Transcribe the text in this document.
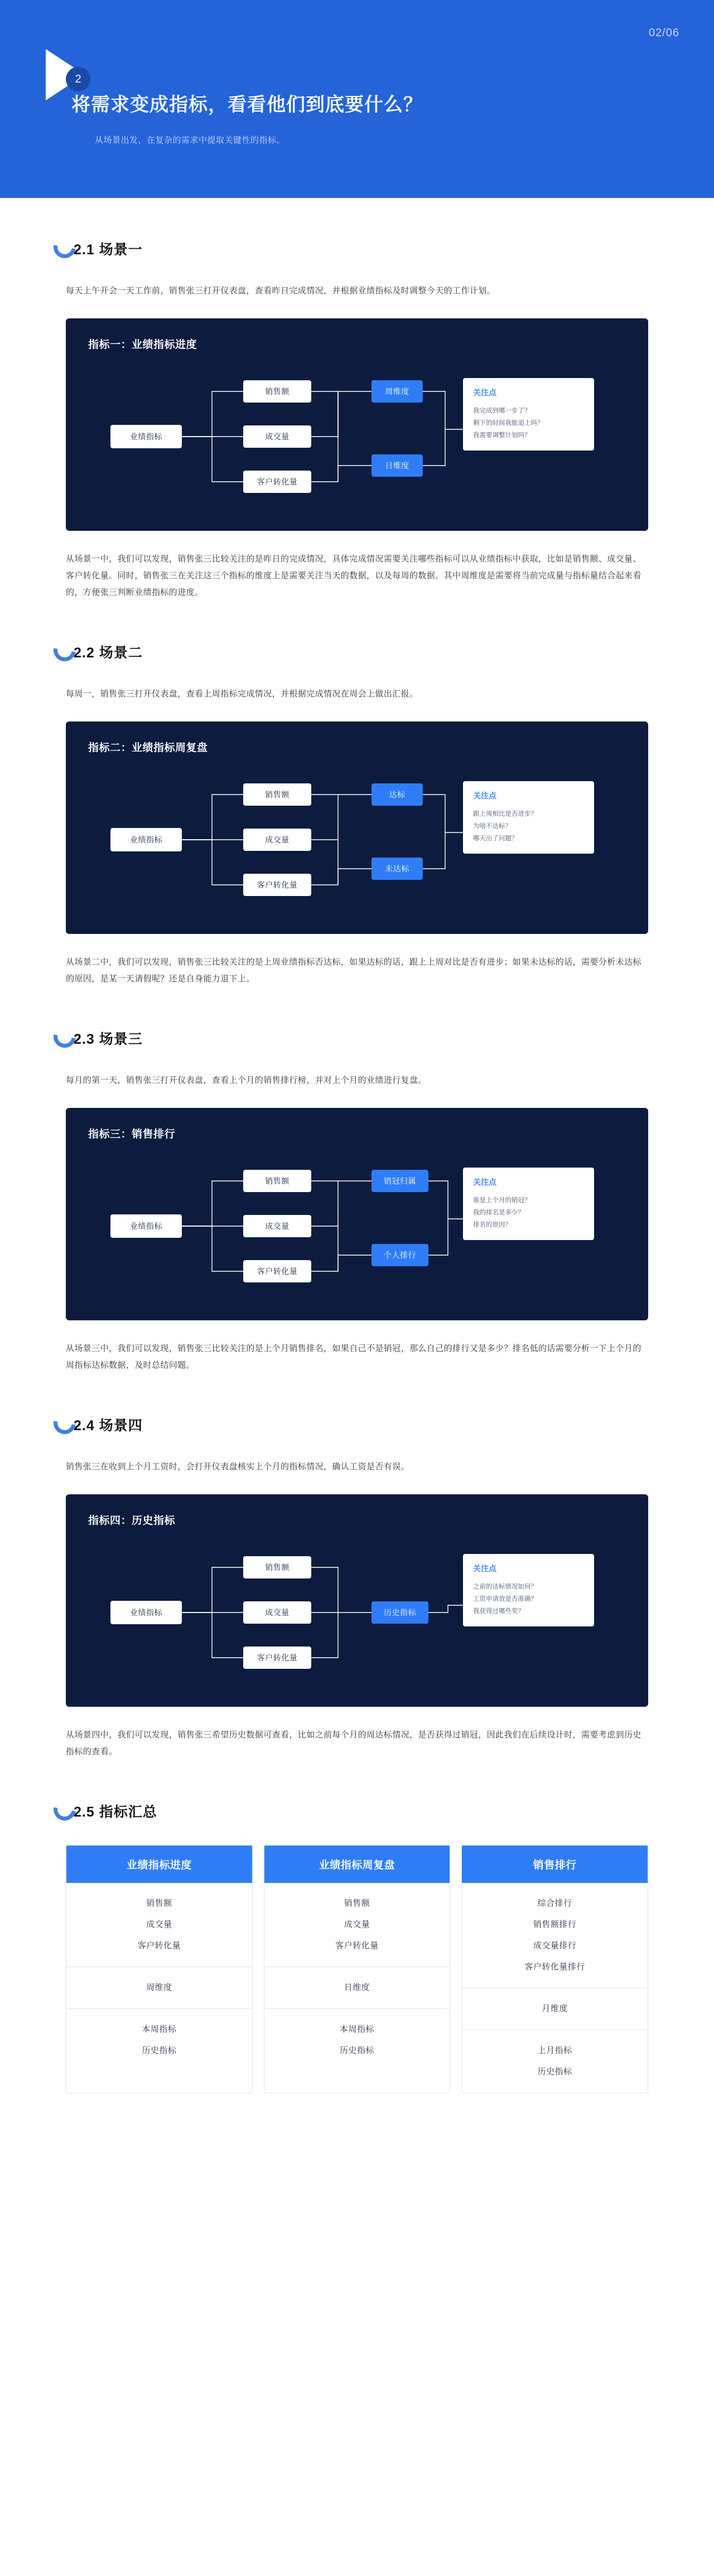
02/06
2
将需求变成指标，看看他们到底要什么？
从场景出发，在复杂的需求中提取关键性的指标。
2.1 场景一
每天上午开会一天工作前，销售张三打开仪表盘，查看昨日完成情况，并根据业绩指标及时调整今天的工作计划。
指标一：业绩指标进度
业绩指标
销售额
成交量
客户转化量
周维度
日维度
关注点
我完成到哪一步了？
剩下的时间我能追上吗？
我需要调整计划吗？
从场景一中，我们可以发现，销售张三比较关注的是昨日的完成情况，具体完成情况需要关注哪些指标可以从业绩指标中获取，比如是销售额、成交量、客户转化量。同时，销售张三在关注这三个指标的维度上是需要关注当天的数据，以及每周的数据。其中周维度是需要将当前完成量与指标量结合起来看的，方便张三判断业绩指标的进度。
2.2 场景二
每周一，销售张三打开仪表盘，查看上周指标完成情况，并根据完成情况在周会上做出汇报。
指标二：业绩指标周复盘
业绩指标
销售额
成交量
客户转化量
达标
未达标
关注点
跟上周相比是否进步？
为啥不达标？
哪天出了问题？
从场景二中，我们可以发现，销售张三比较关注的是上周业绩指标否达标，如果达标的话，跟上上周对比是否有进步；如果未达标的话，需要分析未达标的原因，是某一天请假呢？还是自身能力退下上。
2.3 场景三
每月的第一天，销售张三打开仪表盘，查看上个月的销售排行榜，并对上个月的业绩进行复盘。
指标三：销售排行
业绩指标
销售额
成交量
客户转化量
销冠归属
个人排行
关注点
谁是上个月的销冠？
我的排名是多少？
排名的原因？
从场景三中，我们可以发现，销售张三比较关注的是上个月销售排名，如果自己不是销冠，那么自己的排行又是多少？排名低的话需要分析一下上个月的周指标达标数据，及时总结问题。
2.4 场景四
销售张三在收到上个月工资时，会打开仪表盘核实上个月的指标情况，确认工资是否有误。
指标四：历史指标
业绩指标
销售额
成交量
客户转化量
历史指标
关注点
之前的达标情况如何？
工资申请放是否准确？
我获得过哪些奖？
从场景四中，我们可以发现，销售张三希望历史数据可查看，比如之前每个月的周达标情况，是否获得过销冠，因此我们在后续设计时，需要考虑到历史指标的查看。
2.5 指标汇总
业绩指标进度
销售额
成交量
客户转化量
周维度
本周指标
历史指标
业绩指标周复盘
销售额
成交量
客户转化量
日维度
本周指标
历史指标
销售排行
综合排行
销售额排行
成交量排行
客户转化量排行
月维度
上月指标
历史指标
